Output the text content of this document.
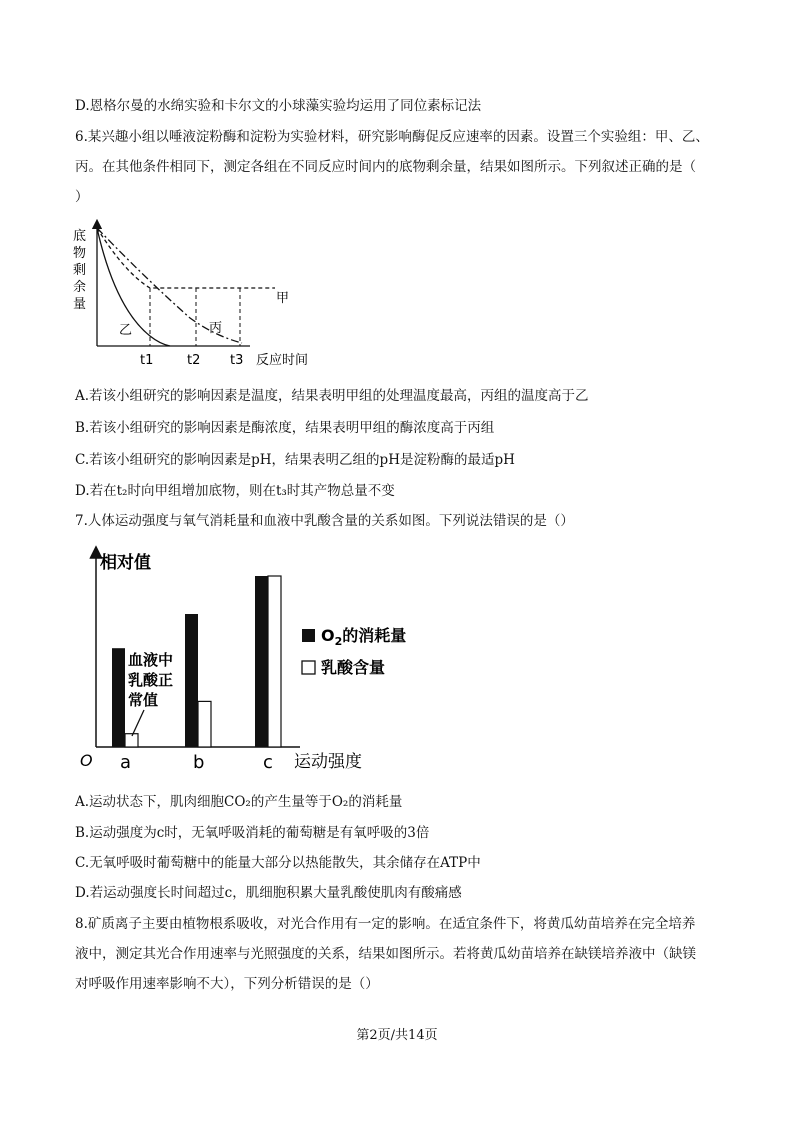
D.恩格尔曼的水绵实验和卡尔文的小球藻实验均运用了同位素标记法
6.某兴趣小组以唾液淀粉酶和淀粉为实验材料，研究影响酶促反应速率的因素。设置三个实验组：甲、乙、
丙。在其他条件相同下，测定各组在不同反应时间内的底物剩余量，结果如图所示。下列叙述正确的是（
）
底
物
剩
余
量	甲
乙	丙
t1	t2 t3 反应时间
A.若该小组研究的影响因素是温度，结果表明甲组的处理温度最高，丙组的温度高于乙
B.若该小组研究的影响因素是酶浓度，结果表明甲组的酶浓度高于丙组
C.若该小组研究的影响因素是pH，结果表明乙组的pH是淀粉酶的最适pH
D.若在t₂时向甲组增加底物，则在t₃时其产物总量不变
7.人体运动强度与氧气消耗量和血液中乳酸含量的关系如图。下列说法错误的是（）
相对值
O	运动强度
a	b	c
血液中
乳酸正
常值
$O_2$的消耗量
乳酸含量
A.运动状态下，肌肉细胞CO₂的产生量等于O₂的消耗量
B.运动强度为c时，无氧呼吸消耗的葡萄糖是有氧呼吸的3倍
C.无氧呼吸时葡萄糖中的能量大部分以热能散失，其余储存在ATP中
D.若运动强度长时间超过c，肌细胞积累大量乳酸使肌肉有酸痛感
8.矿质离子主要由植物根系吸收，对光合作用有一定的影响。在适宜条件下，将黄瓜幼苗培养在完全培养
液中，测定其光合作用速率与光照强度的关系，结果如图所示。若将黄瓜幼苗培养在缺镁培养液中（缺镁
对呼吸作用速率影响不大），下列分析错误的是（）
第2页/共14页
